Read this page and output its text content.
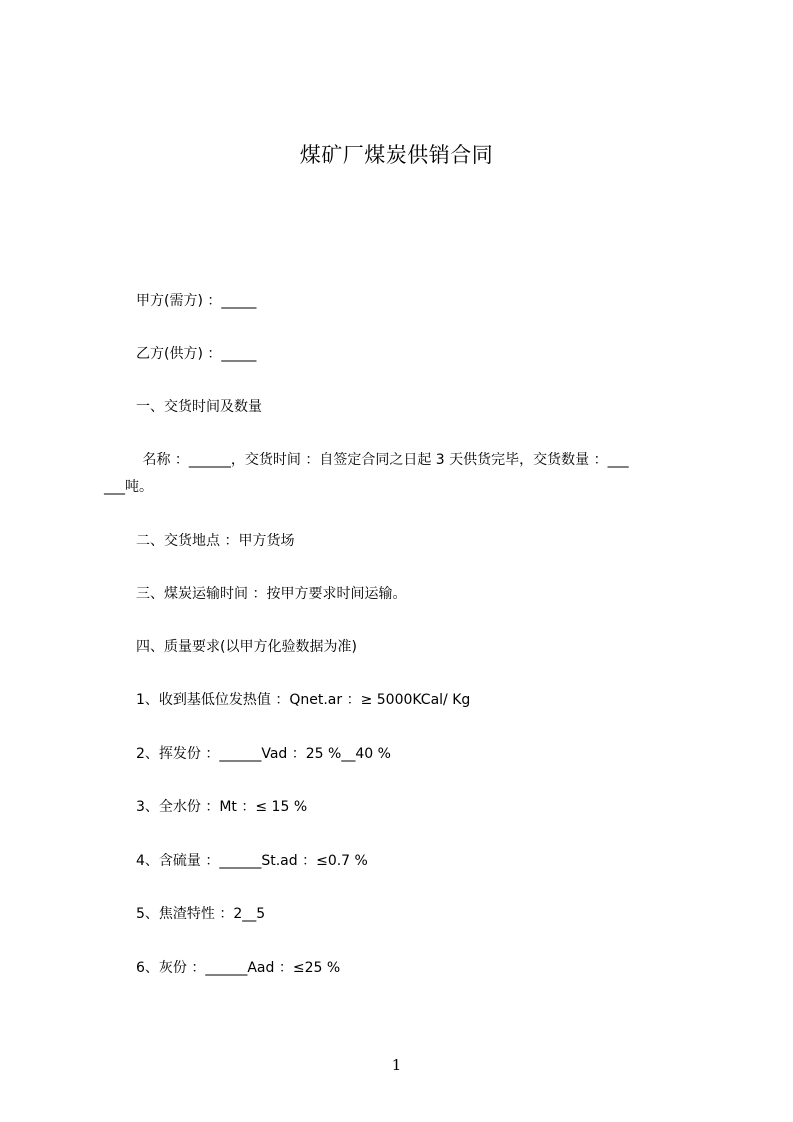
煤矿厂煤炭供销合同
甲方(需方) ：_____
乙方(供方) ：_____
一、交货时间及数量
名称 ：______，交货时间 ：自签定合同之日起 3 天供货完毕，交货数量 ：___
___吨。
二、交货地点 ：甲方货场
三、煤炭运输时间 ：按甲方要求时间运输。
四、质量要求(以甲方化验数据为准)
1、收到基低位发热值 ：Qnet.ar ：≥ 5000KCal/ Kg
2、挥发份 ：______Vad ：25 %__40 %
3、全水份 ：Mt ：≤ 15 %
4、含硫量 ：______St.ad ：≤0.7 %
5、焦渣特性 ：2__5
6、灰份 ：______Aad ：≤25 %
1
